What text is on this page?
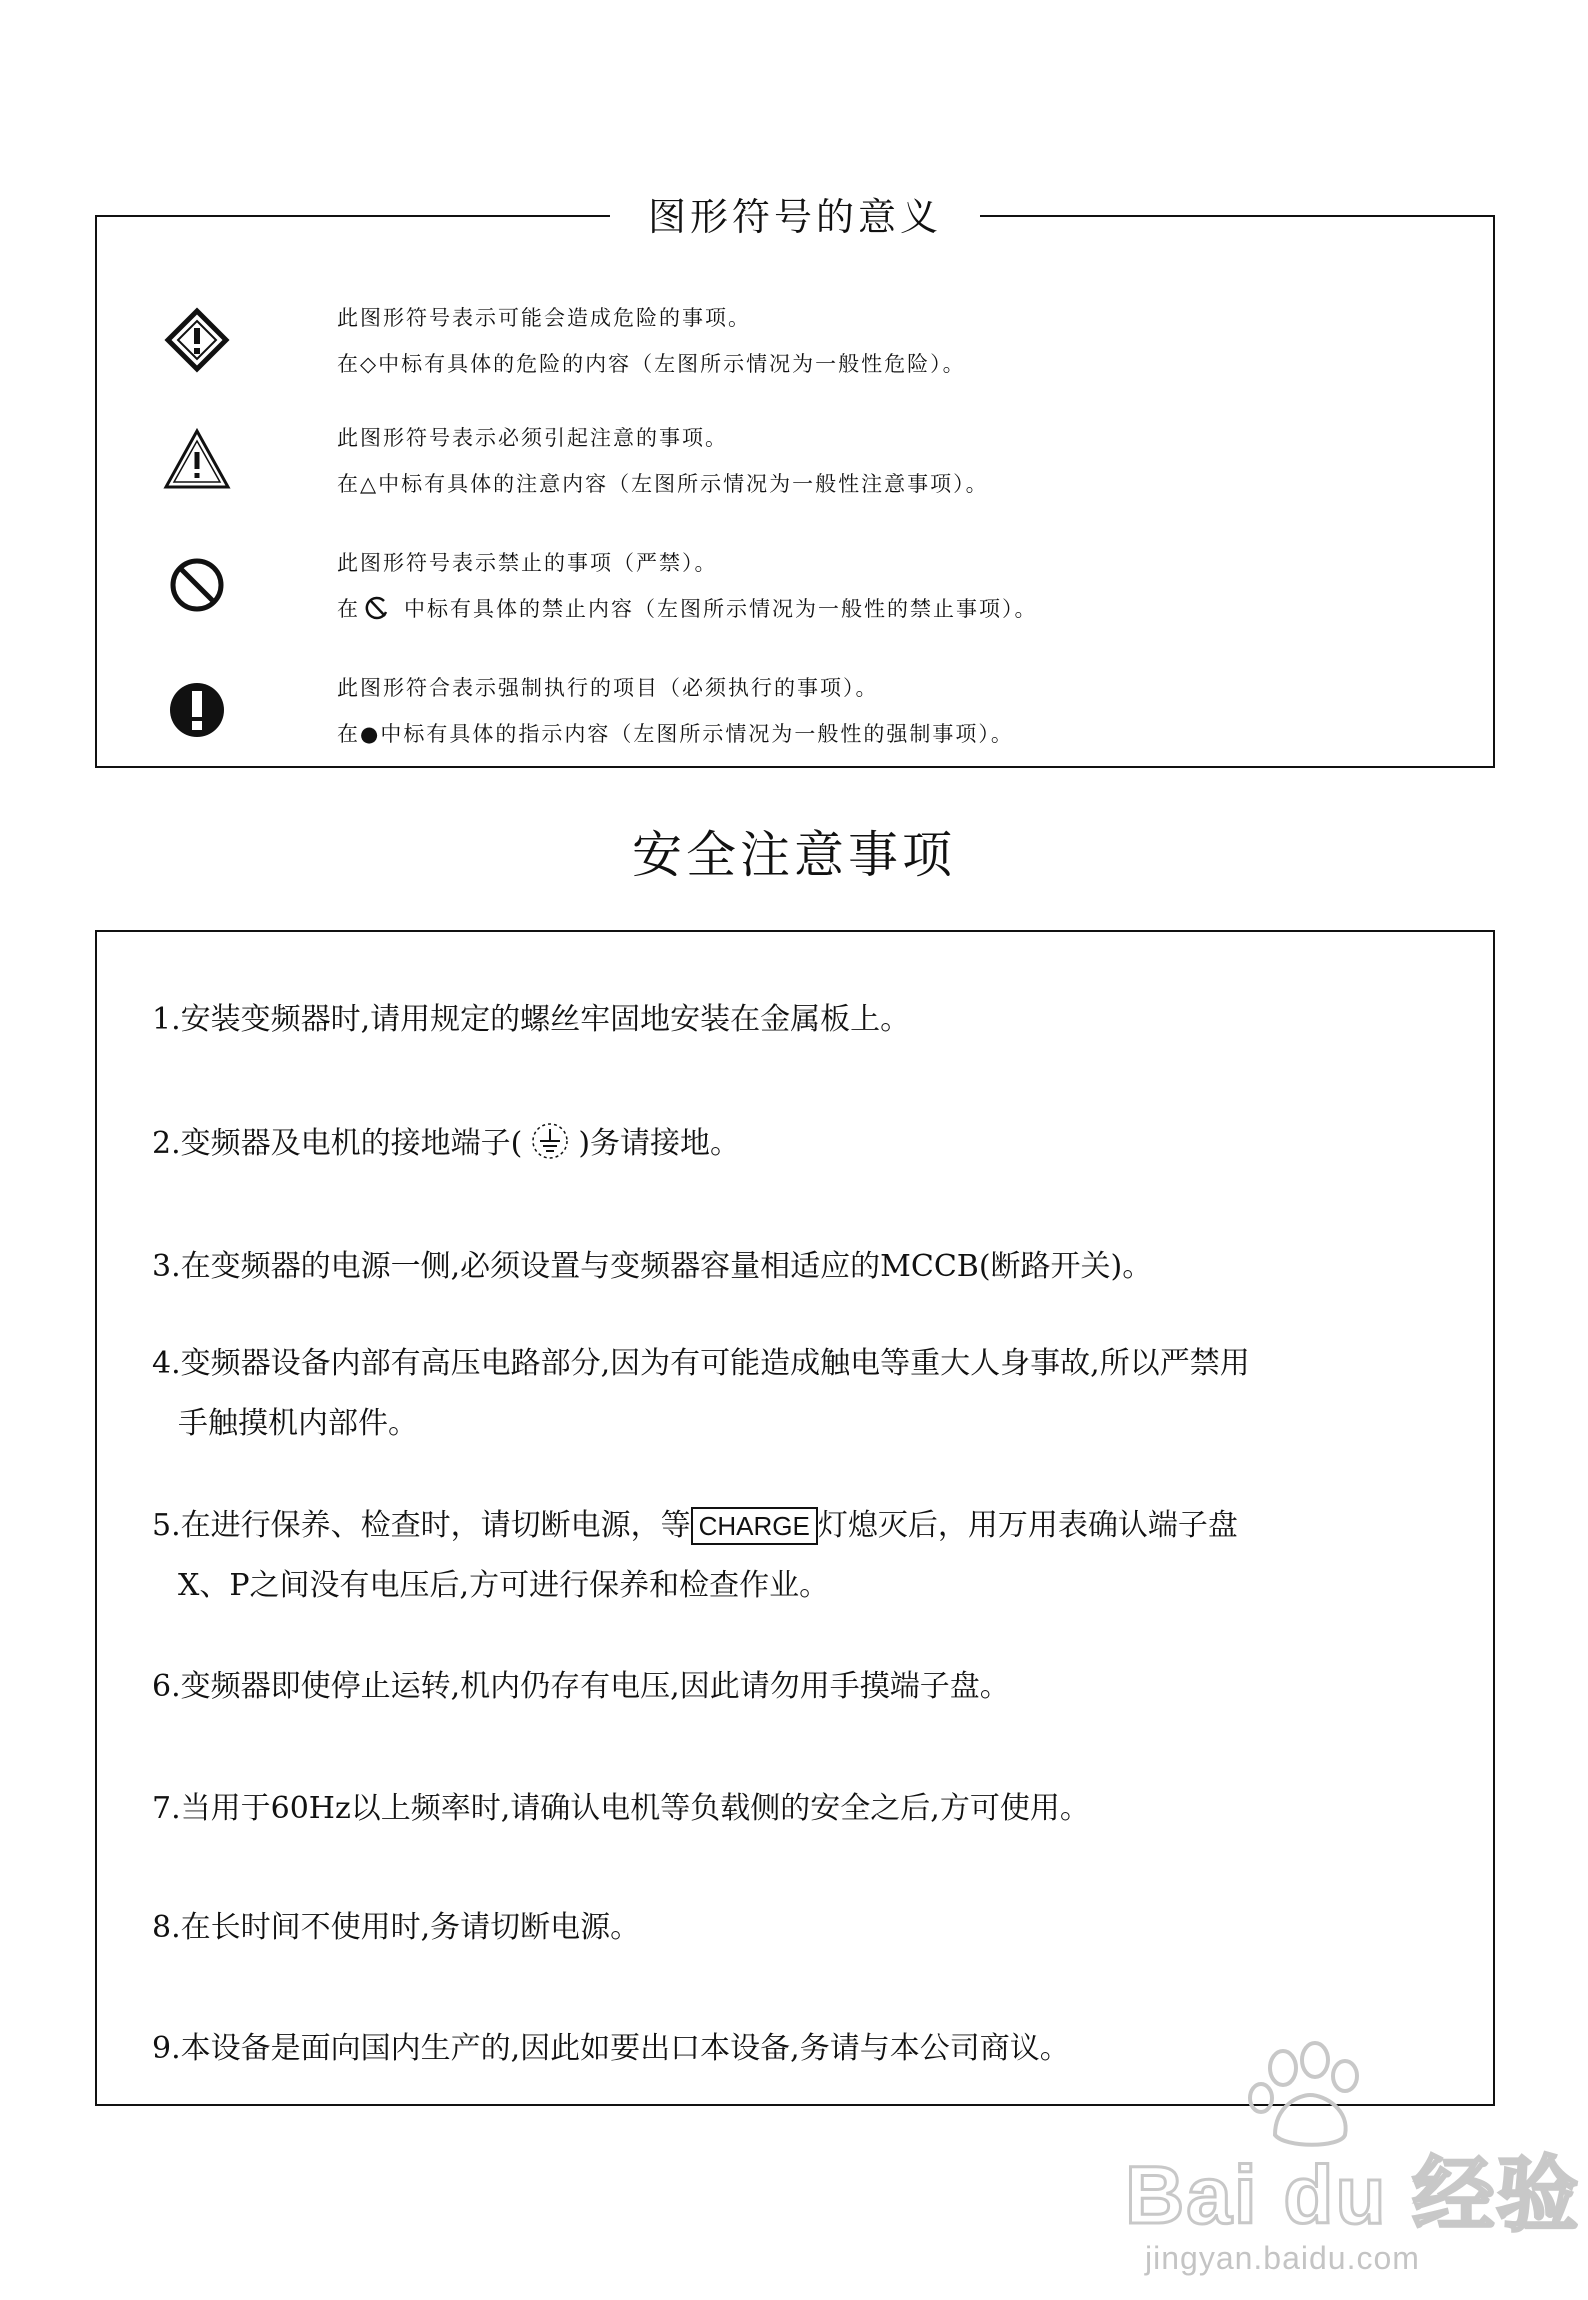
图形符号的意义
此图形符号表示可能会造成危险的事项。
在◇中标有具体的危险的内容（左图所示情况为一般性危险）。
此图形符号表示必须引起注意的事项。
在△中标有具体的注意内容（左图所示情况为一般性注意事项）。
此图形符号表示禁止的事项（严禁）。
在 中标有具体的禁止内容（左图所示情况为一般性的禁止事项）。
此图形符合表示强制执行的项目（必须执行的事项）。
在●中标有具体的指示内容（左图所示情况为一般性的强制事项）。
安全注意事项
1.安装变频器时,请用规定的螺丝牢固地安装在金属板上。
2.变频器及电机的接地端子( )务请接地。
3.在变频器的电源一侧,必须设置与变频器容量相适应的MCCB(断路开关)。
4.变频器设备内部有高压电路部分,因为有可能造成触电等重大人身事故,所以严禁用
手触摸机内部件。
5.在进行保养、检查时，请切断电源，等 CHARGE 灯熄灭后，用万用表确认端子盘
X、P之间没有电压后,方可进行保养和检查作业。
6.变频器即使停止运转,机内仍存有电压,因此请勿用手摸端子盘。
7.当用于60Hz以上频率时,请确认电机等负载侧的安全之后,方可使用。
8.在长时间不使用时,务请切断电源。
9.本设备是面向国内生产的,因此如要出口本设备,务请与本公司商议。
Bai du 经验
jingyan.baidu.com
